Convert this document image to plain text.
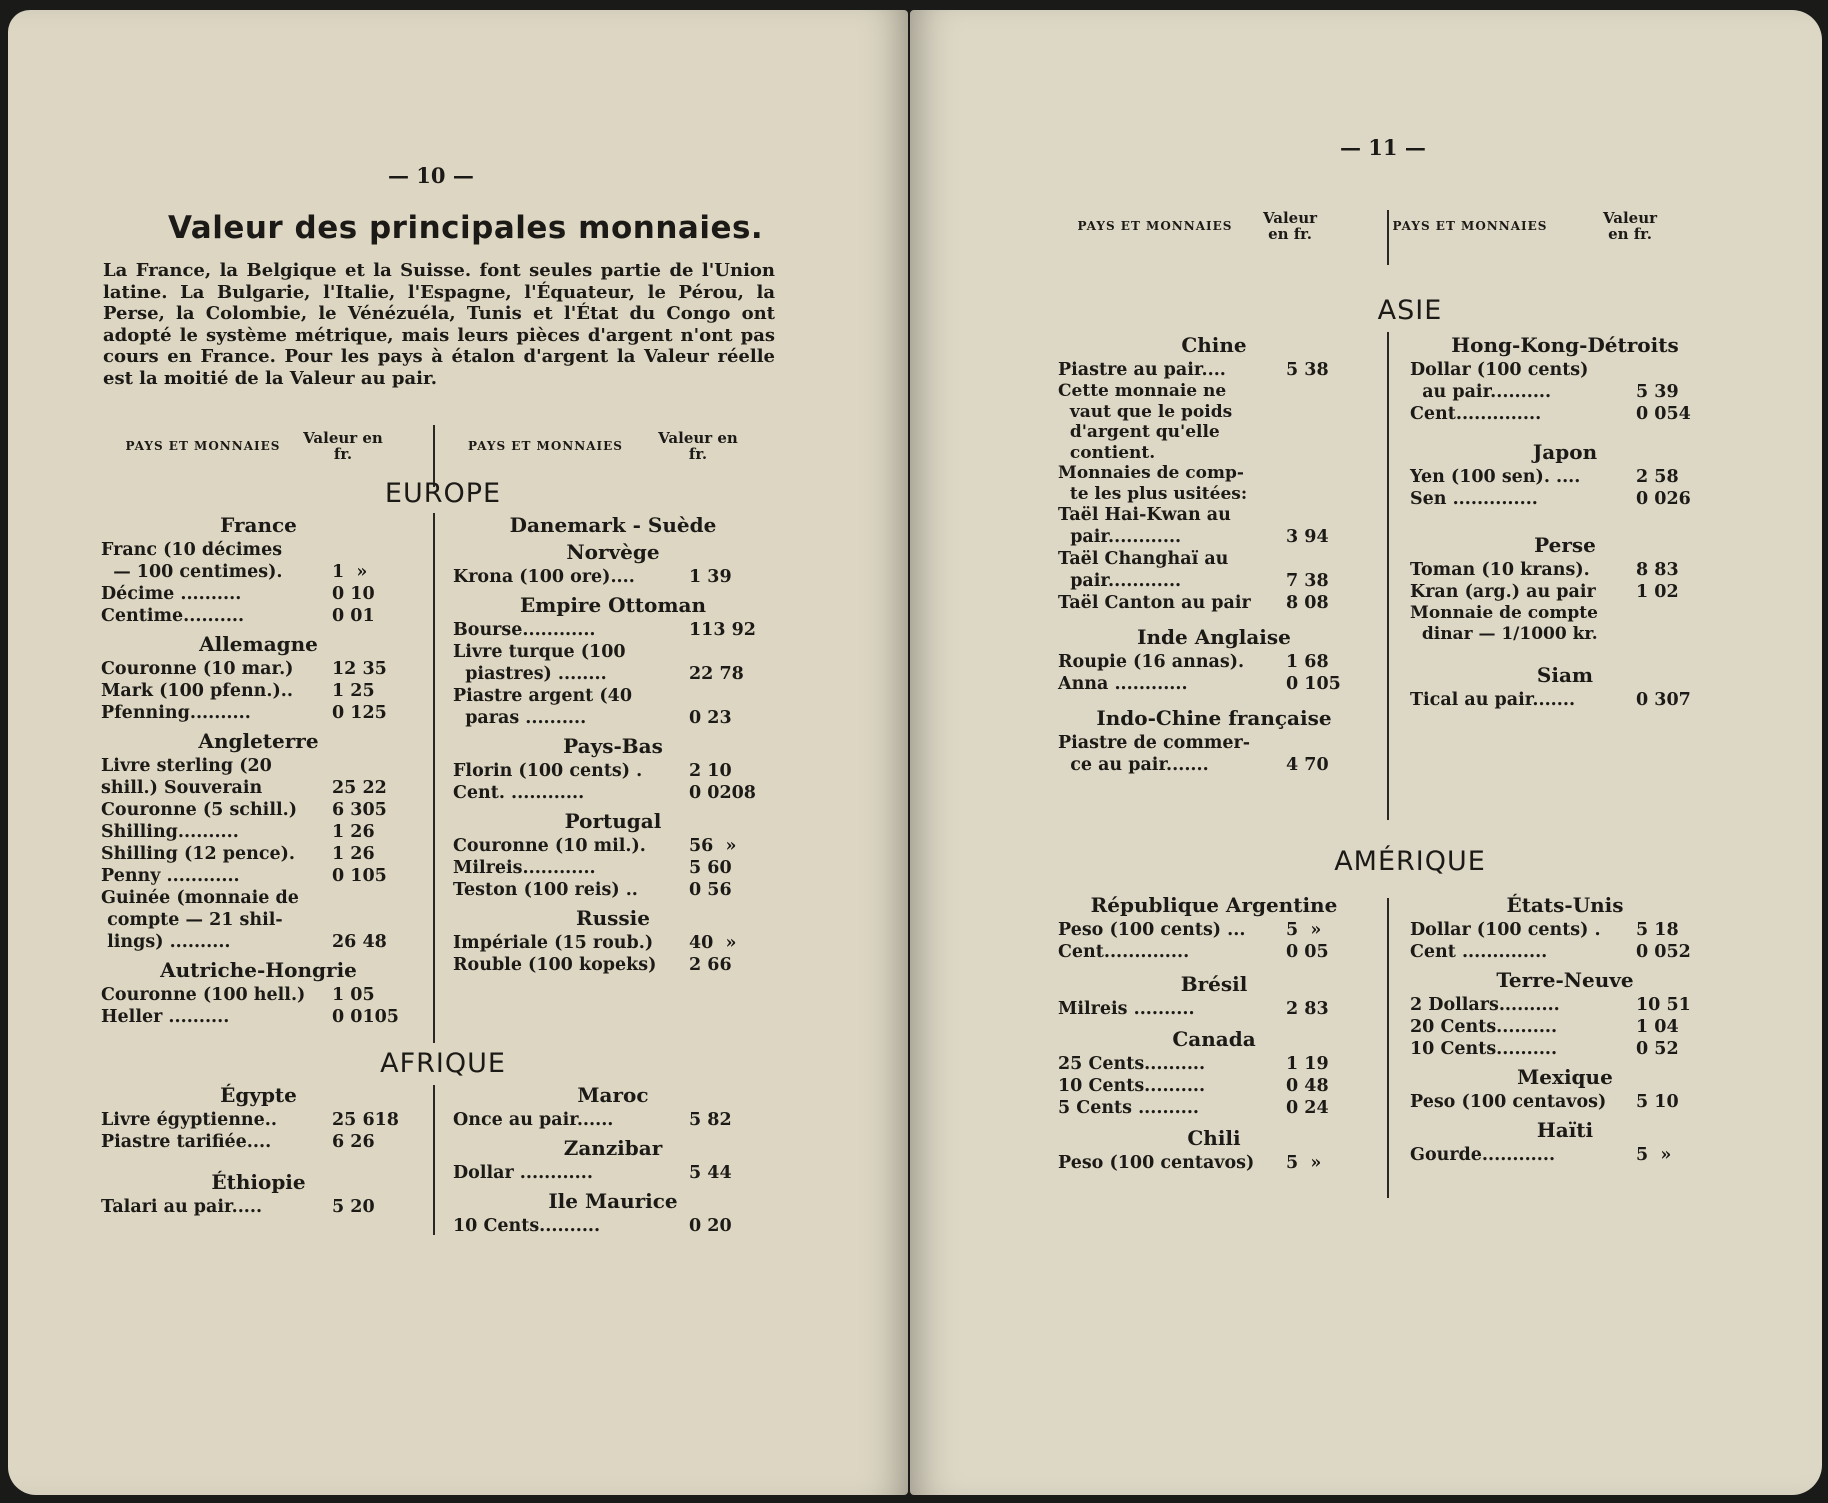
— 10 —
Valeur des principales monnaies.
La France, la Belgique et la Suisse. font seules partie de l'Union latine. La Bulgarie, l'Italie, l'Espagne, l'Équateur, le Pérou, la Perse, la Colombie, le Vénézuéla, Tunis et l'État du Congo ont adopté le système métrique, mais leurs pièces d'argent n'ont pas cours en France. Pour les pays à étalon d'argent la Valeur réelle est la moitié de la Valeur au pair.
PAYS ET MONNAIES	Valeur en fr.	PAYS ET MONNAIES	Valeur en fr.
EUROPE
France
Franc (10 décimes
— 100 centimes).	1  »
Décime ..........	0 10
Centime..........	0 01
Allemagne
Couronne (10 mar.)	12 35
Mark (100 pfenn.)..	1 25
Pfenning..........	0 125
Angleterre
Livre sterling (20
shill.) Souverain	25 22
Couronne (5 schill.)	6 305
Shilling..........	1 26
Shilling (12 pence).	1 26
Penny ............	0 105
Guinée (monnaie de
compte — 21 shil-
lings) ..........	26 48
Autriche-Hongrie
Couronne (100 hell.)	1 05
Heller ..........	0 0105
Danemark - Suède
Norvège
Krona (100 ore)....	1 39
Empire Ottoman
Bourse............	113 92
Livre turque (100
piastres) ........	22 78
Piastre argent (40
paras ..........	0 23
Pays-Bas
Florin (100 cents) .	2 10
Cent. ............	0 0208
Portugal
Couronne (10 mil.).	56  »
Milreis............	5 60
Teston (100 reis) ..	0 56
Russie
Impériale (15 roub.)	40  »
Rouble (100 kopeks)	2 66
AFRIQUE
Égypte
Livre égyptienne..	25 618
Piastre tarifiée....	6 26
Éthiopie
Talari au pair.....	5 20
Maroc
Once au pair......	5 82
Zanzibar
Dollar ............	5 44
Ile Maurice
10 Cents..........	0 20
— 11 —
PAYS ET MONNAIES	Valeur en fr.	PAYS ET MONNAIES	Valeur en fr.
ASIE
Chine
Piastre au pair....	5 38
Cette monnaie ne
vaut que le poids
d'argent qu'elle
contient.
Monnaies de comp-
te les plus usitées:
Taël Hai-Kwan au
pair............	3 94
Taël Changhaï au
pair............	7 38
Taël Canton au pair	8 08
Inde Anglaise
Roupie (16 annas).	1 68
Anna ............	0 105
Indo-Chine française
Piastre de commer-
ce au pair.......	4 70
Hong-Kong-Détroits
Dollar (100 cents)
au pair..........	5 39
Cent..............	0 054
Japon
Yen (100 sen). ....	2 58
Sen ..............	0 026
Perse
Toman (10 krans).	8 83
Kran (arg.) au pair	1 02
Monnaie de compte
dinar — 1/1000 kr.
Siam
Tical au pair.......	0 307
AMÉRIQUE
République Argentine
Peso (100 cents) ...	5  »
Cent..............	0 05
Brésil
Milreis ..........	2 83
Canada
25 Cents..........	1 19
10 Cents..........	0 48
5 Cents ..........	0 24
Chili
Peso (100 centavos)	5  »
États-Unis
Dollar (100 cents) .	5 18
Cent ..............	0 052
Terre-Neuve
2 Dollars..........	10 51
20 Cents..........	1 04
10 Cents..........	0 52
Mexique
Peso (100 centavos)	5 10
Haïti
Gourde............	5  »
